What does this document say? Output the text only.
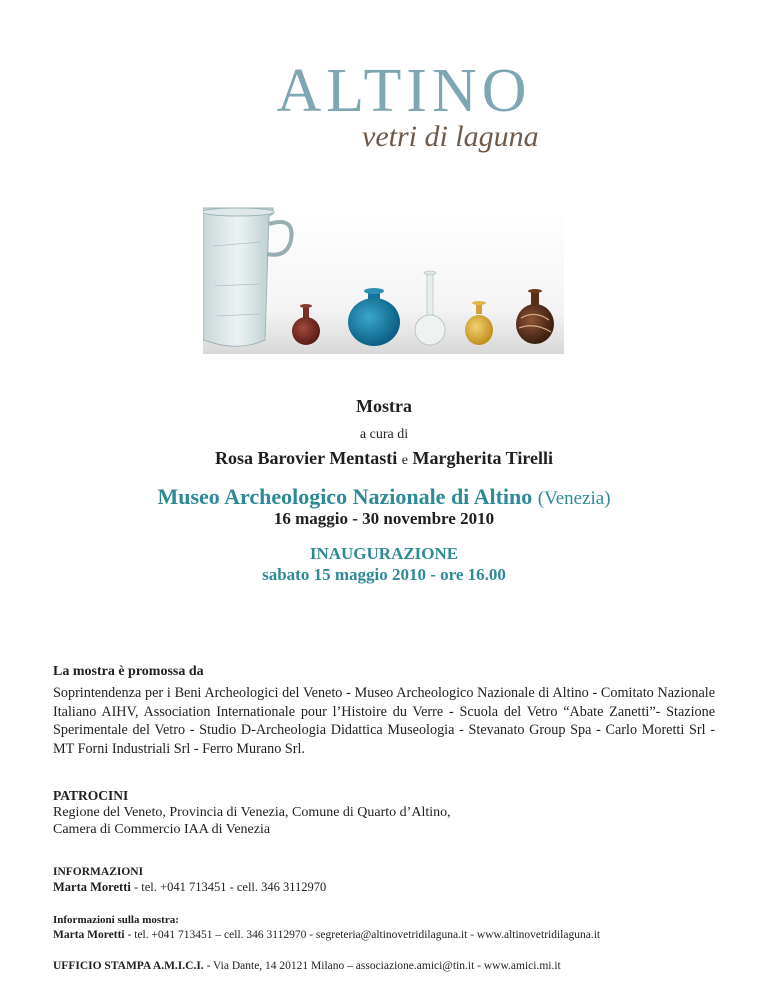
ALTINO
vetri di laguna
Mostra
a cura di
Rosa Barovier Mentasti e Margherita Tirelli
Museo Archeologico Nazionale di Altino (Venezia)
16 maggio - 30 novembre 2010
INAUGURAZIONE
sabato 15 maggio 2010 - ore 16.00
La mostra è promossa da
Soprintendenza per i Beni Archeologici del Veneto - Museo Archeologico Nazionale di Altino - Comitato Nazionale Italiano AIHV, Association Internationale pour l’Histoire du Verre - Scuola del Vetro “Abate Zanetti”- Stazione Sperimentale del Vetro - Studio D-Archeologia Didattica Museologia - Stevanato Group Spa - Carlo Moretti Srl - MT Forni Industriali Srl - Ferro Murano Srl.
PATROCINI
Regione del Veneto, Provincia di Venezia, Comune di Quarto d’Altino,
Camera di Commercio IAA di Venezia
INFORMAZIONI
Marta Moretti - tel. +041 713451 - cell. 346 3112970
Informazioni sulla mostra:
Marta Moretti - tel. +041 713451 – cell. 346 3112970 - segreteria@altinovetridilaguna.it - www.altinovetridilaguna.it
UFFICIO STAMPA A.M.I.C.I. - Via Dante, 14 20121 Milano – associazione.amici@tin.it - www.amici.mi.it
